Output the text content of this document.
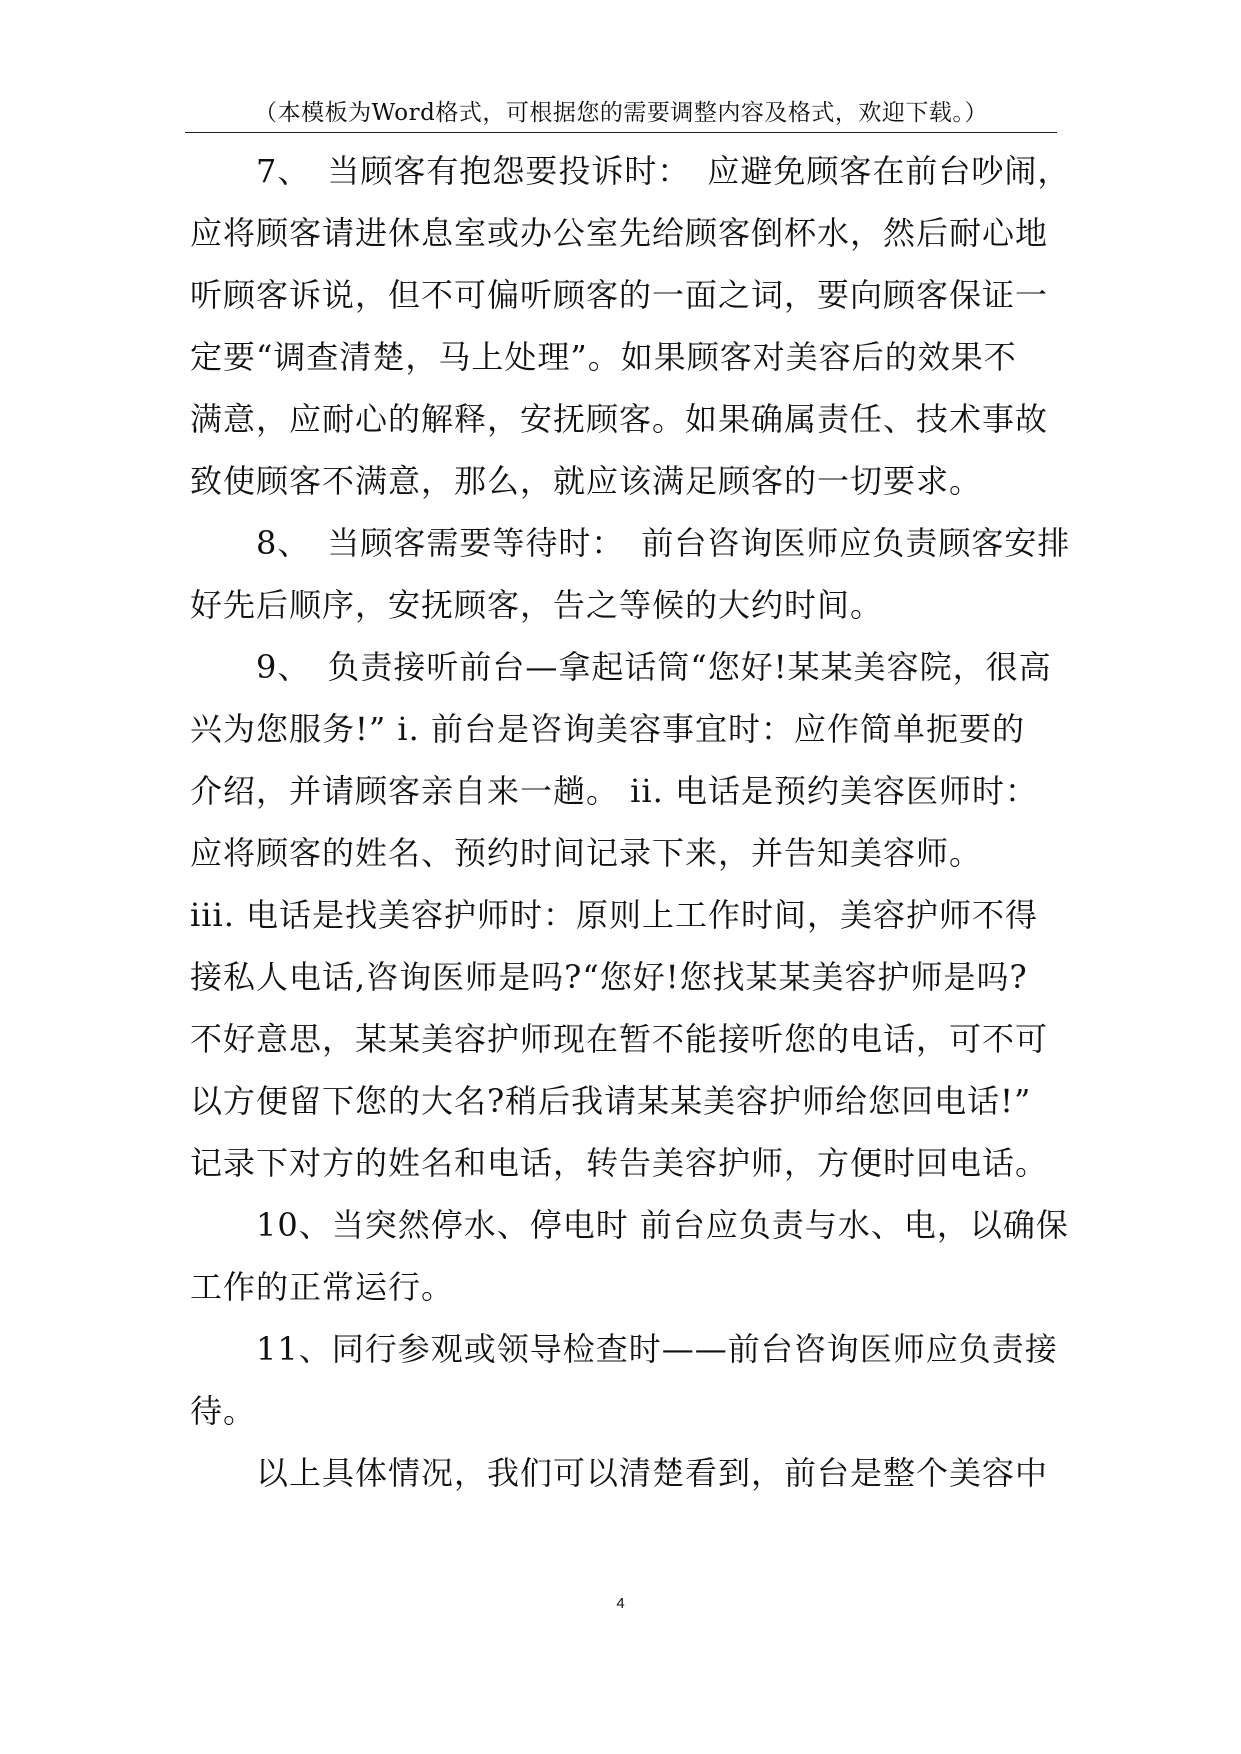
（本模板为Word格式，可根据您的需要调整内容及格式，欢迎下载。）
　　7、　当顾客有抱怨要投诉时：　应避免顾客在前台吵闹，
应将顾客请进休息室或办公室先给顾客倒杯水，然后耐心地
听顾客诉说，但不可偏听顾客的一面之词，要向顾客保证一
定要“调查清楚，马上处理”。如果顾客对美容后的效果不
满意，应耐心的解释，安抚顾客。如果确属责任、技术事故
致使顾客不满意，那么，就应该满足顾客的一切要求。
　　8、　当顾客需要等待时：　前台咨询医师应负责顾客安排
好先后顺序，安抚顾客，告之等候的大约时间。
　　9、　负责接听前台—拿起话筒“您好!某某美容院，很高
兴为您服务!” i. 前台是咨询美容事宜时：应作简单扼要的
介绍，并请顾客亲自来一趟。 ii. 电话是预约美容医师时：
应将顾客的姓名、预约时间记录下来，并告知美容师。
iii. 电话是找美容护师时：原则上工作时间，美容护师不得
接私人电话,咨询医师是吗?“您好!您找某某美容护师是吗?
不好意思，某某美容护师现在暂不能接听您的电话，可不可
以方便留下您的大名?稍后我请某某美容护师给您回电话!”
记录下对方的姓名和电话，转告美容护师，方便时回电话。
　　10、当突然停水、停电时 前台应负责与水、电，以确保
工作的正常运行。
　　11、同行参观或领导检查时——前台咨询医师应负责接
待。
　　以上具体情况，我们可以清楚看到，前台是整个美容中
4
